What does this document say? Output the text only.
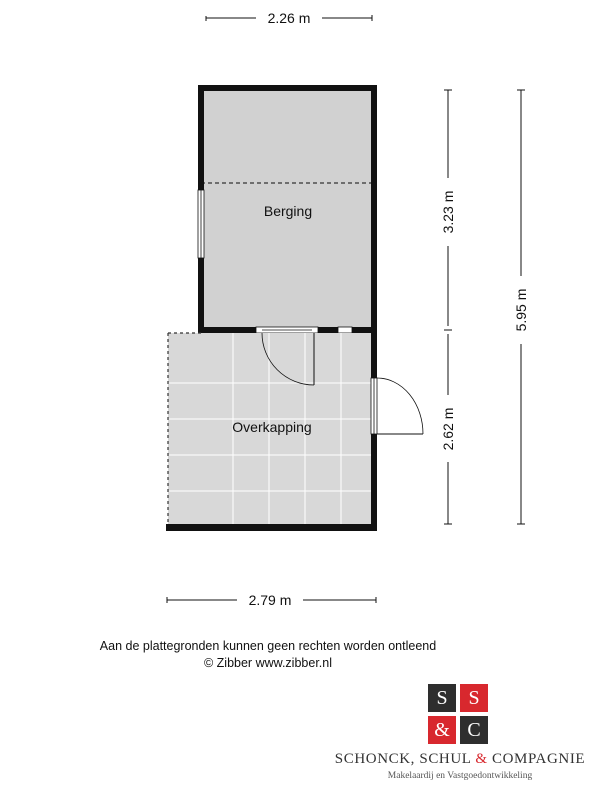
2.26 m
Berging
Overkapping
3.23 m
2.62 m
5.95 m
2.79 m
Aan de plattegronden kunnen geen rechten worden ontleend
© Zibber www.zibber.nl
S	S
& C
SCHONCK, SCHUL & COMPAGNIE
Makelaardij en Vastgoedontwikkeling
